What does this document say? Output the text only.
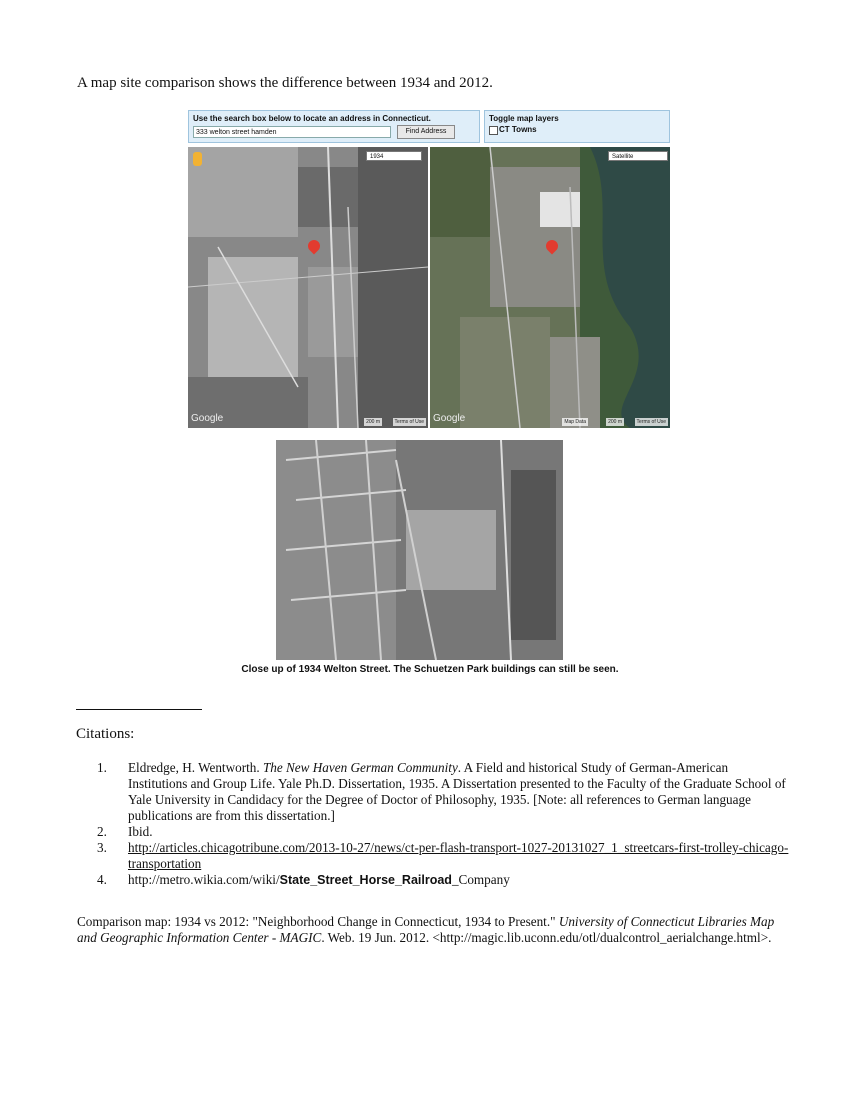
A map site comparison shows the difference between 1934 and 2012.
Use the search box below to locate an address in Connecticut.
333 welton street hamden	Find Address
Toggle map layers
CT Towns
1934
Google	200 m	Terms of Use
Satellite
Google	Map Data	200 m	Terms of Use
Close up of 1934 Welton Street. The Schuetzen Park buildings can still be seen.
Citations:
1. Eldredge, H. Wentworth. The New Haven German Community. A Field and historical Study of German-American Institutions and Group Life. Yale Ph.D. Dissertation, 1935. A Dissertation presented to the Faculty of the Graduate School of Yale University in Candidacy for the Degree of Doctor of Philosophy, 1935. [Note: all references to German language publications are from this dissertation.]
2. Ibid.
3. http://articles.chicagotribune.com/2013-10-27/news/ct-per-flash-transport-1027-20131027_1_streetcars-first-trolley-chicago-transportation
4. http://metro.wikia.com/wiki/State_Street_Horse_Railroad_Company
Comparison map: 1934 vs 2012: "Neighborhood Change in Connecticut, 1934 to Present." University of Connecticut Libraries Map and Geographic Information Center - MAGIC. Web. 19 Jun. 2012. <http://magic.lib.uconn.edu/otl/dualcontrol_aerialchange.html>.
